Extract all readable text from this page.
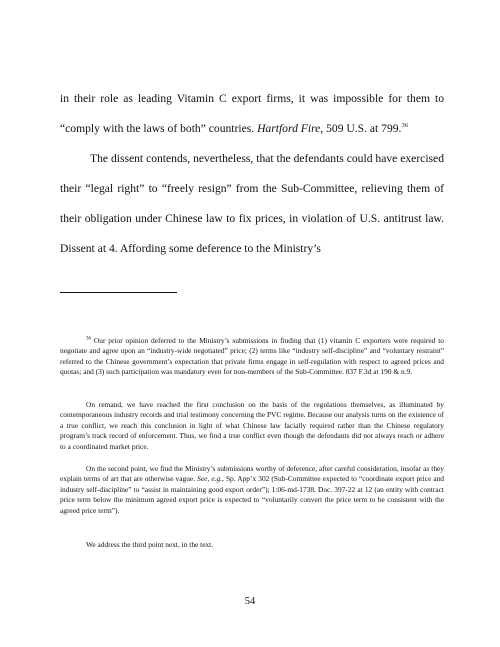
in their role as leading Vitamin C export firms, it was impossible for them to “comply with the laws of both” countries. Hartford Fire, 509 U.S. at 799.36

The dissent contends, nevertheless, that the defendants could have exercised their “legal right” to “freely resign” from the Sub-Committee, relieving them of their obligation under Chinese law to fix prices, in violation of U.S. antitrust law. Dissent at 4. Affording some deference to the Ministry’s

$^{36}$ Our prior opinion deferred to the Ministry’s submissions in finding that (1) vitamin C exporters were required to negotiate and agree upon an “industry-wide negotiated” price; (2) terms like “industry self-discipline” and “voluntary restraint” referred to the Chinese government’s expectation that private firms engage in self-regulation with respect to agreed prices and quotas; and (3) such participation was mandatory even for non-members of the Sub-Committee. 837 F.3d at 190 & n.9.

On remand, we have reached the first conclusion on the basis of the regulations themselves, as illuminated by contemporaneous industry records and trial testimony concerning the PVC regime. Because our analysis turns on the existence of a true conflict, we reach this conclusion in light of what Chinese law facially required rather than the Chinese regulatory program’s track record of enforcement. Thus, we find a true conflict even though the defendants did not always reach or adhere to a coordinated market price.

On the second point, we find the Ministry’s submissions worthy of deference, after careful consideration, insofar as they explain terms of art that are otherwise vague. See, e.g., Sp. App’x 302 (Sub-Committee expected to “coordinate export price and industry self-discipline” to “assist in maintaining good export order”); 1:06-md-1738, Doc. 397-22 at 12 (an entity with contract price term below the minimum agreed export price is expected to “voluntarily convert the price term to be consistent with the agreed price term”).

We address the third point next, in the text.

54
